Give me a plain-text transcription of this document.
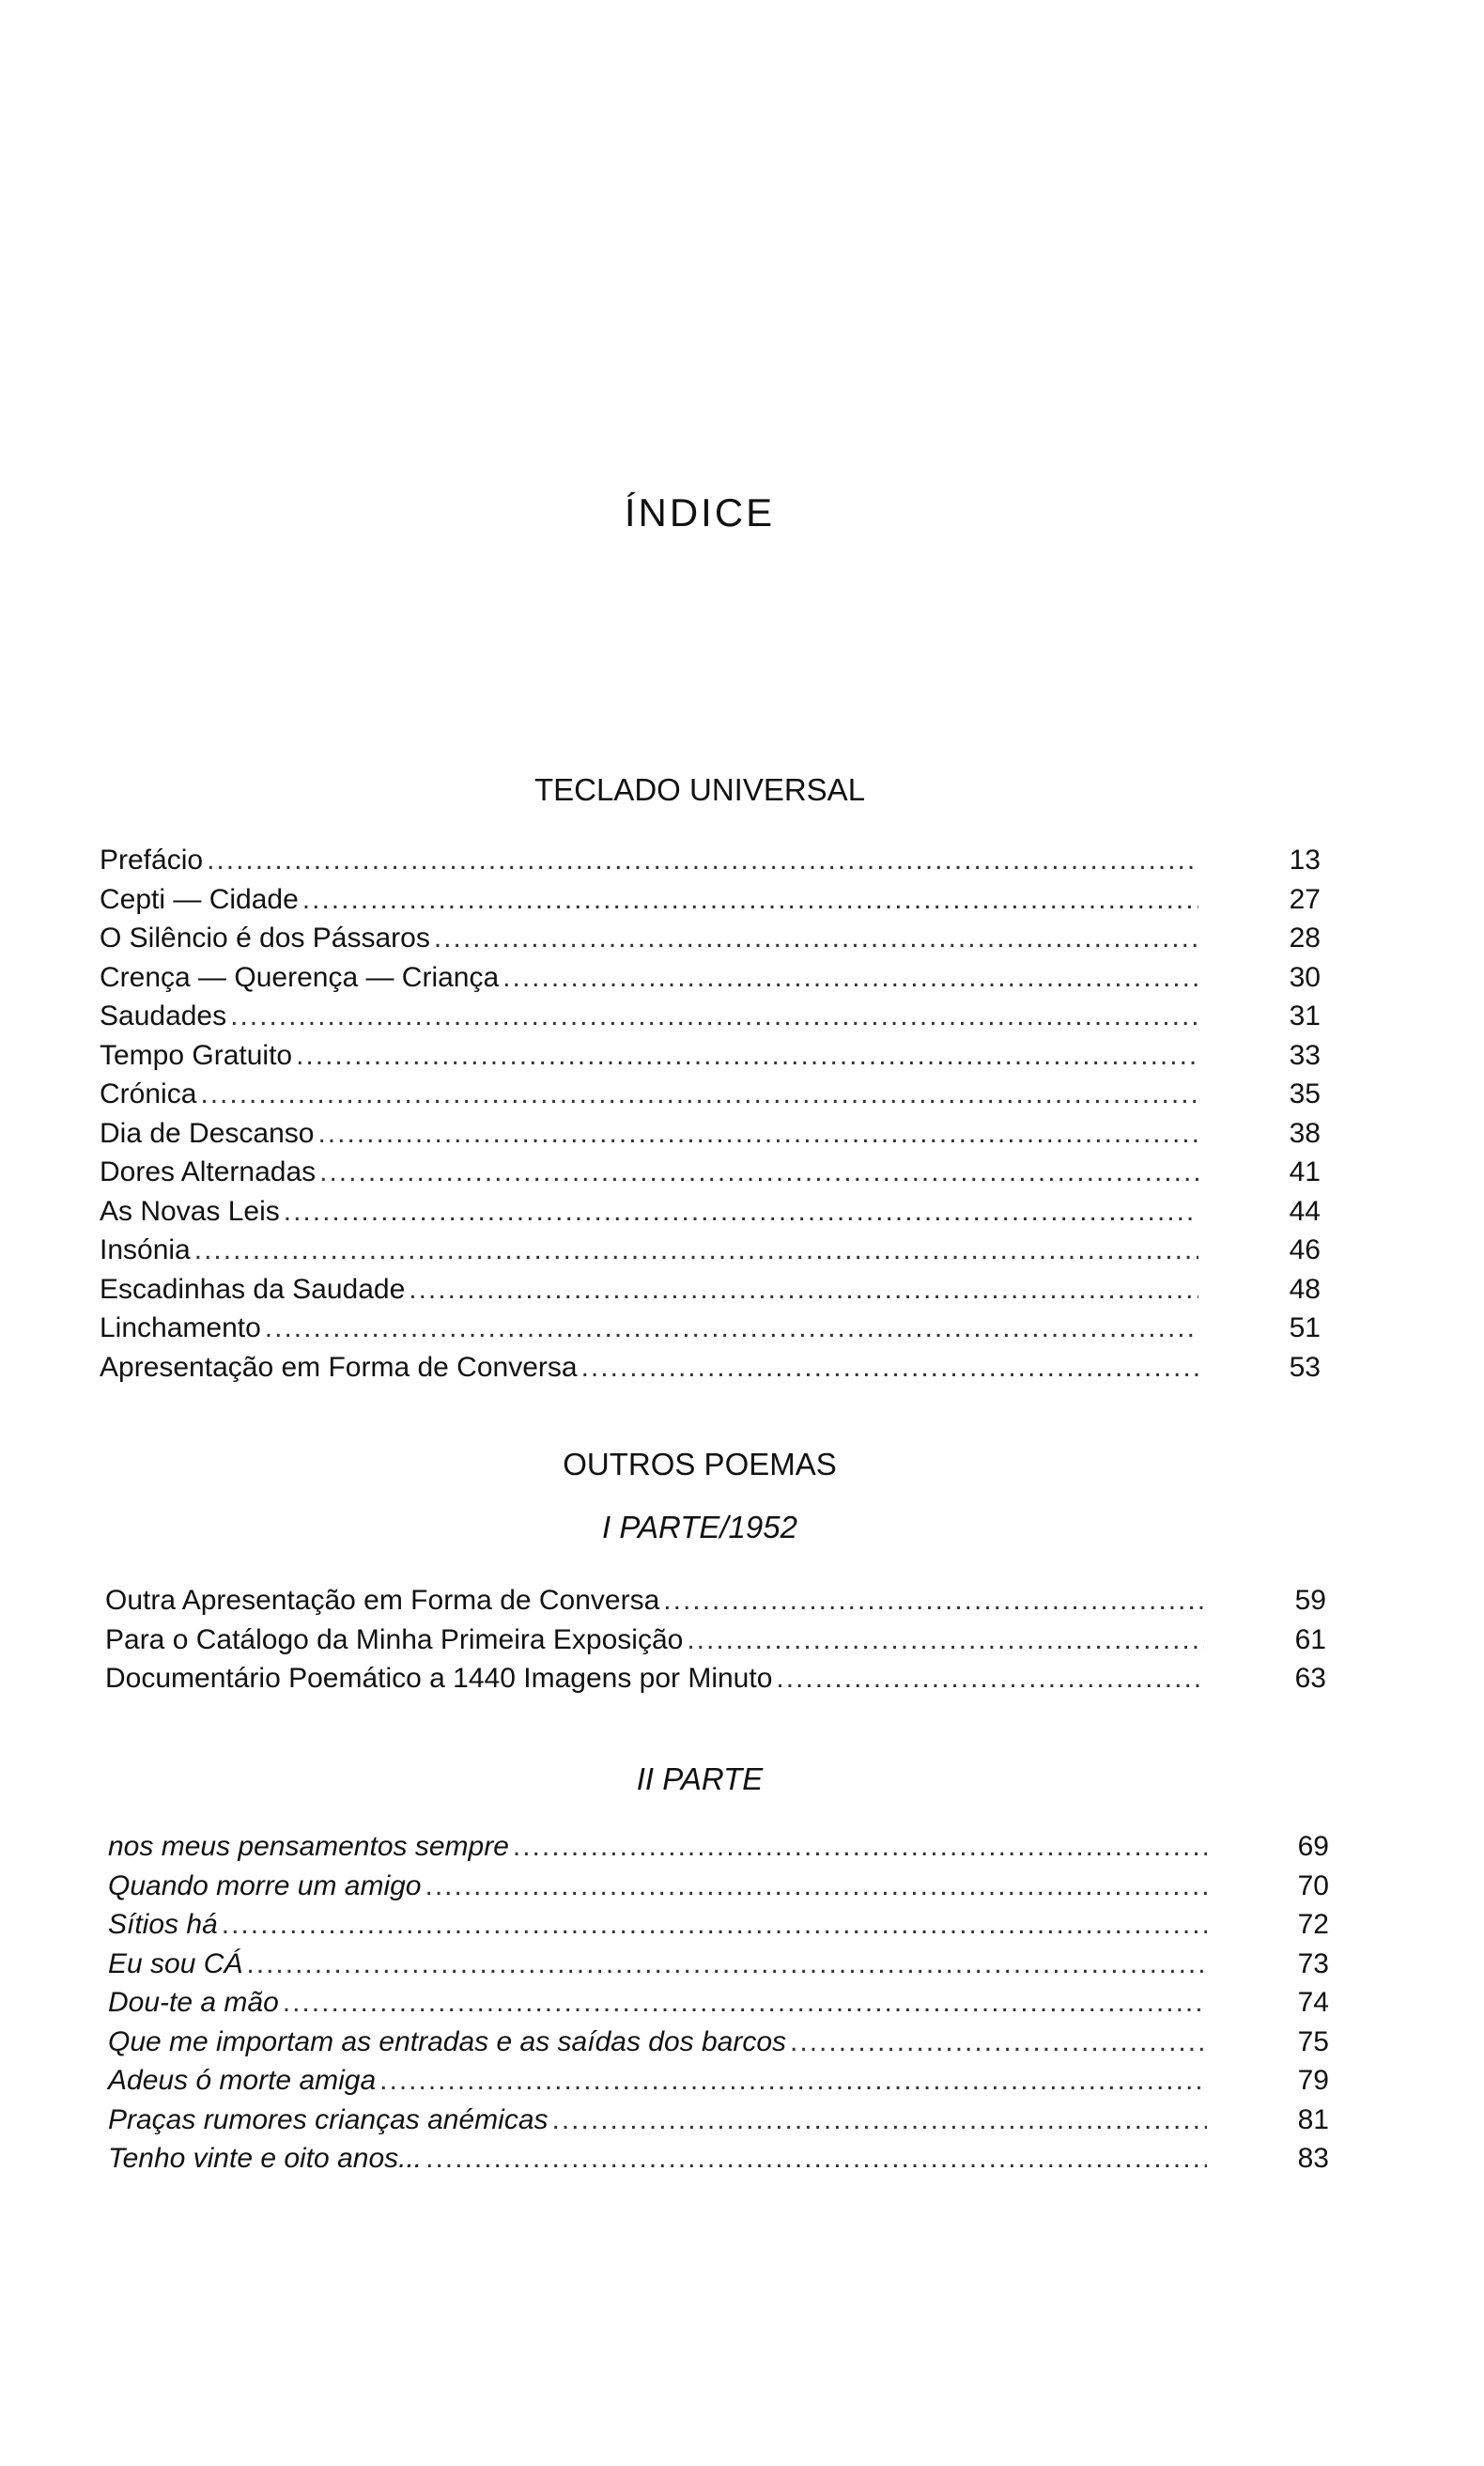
ÍNDICE
TECLADO UNIVERSAL
Prefácio .....	13
Cepti — Cidade .....	27
O Silêncio é dos Pássaros .....	28
Crença — Querença — Criança .....	30
Saudades .....	31
Tempo Gratuito .....	33
Crónica .....	35
Dia de Descanso .....	38
Dores Alternadas .....	41
As Novas Leis .....	44
Insónia .....	46
Escadinhas da Saudade .....	48
Linchamento .....	51
Apresentação em Forma de Conversa .....	53
OUTROS POEMAS
I PARTE/1952
Outra Apresentação em Forma de Conversa .....	59
Para o Catálogo da Minha Primeira Exposição .....	61
Documentário Poemático a 1440 Imagens por Minuto .....	63
II PARTE
nos meus pensamentos sempre .....	69
Quando morre um amigo .....	70
Sítios há .....	72
Eu sou CÁ .....	73
Dou-te a mão .....	74
Que me importam as entradas e as saídas dos barcos .....	75
Adeus ó morte amiga .....	79
Praças rumores crianças anémicas .....	81
Tenho vinte e oito anos... .....	83
